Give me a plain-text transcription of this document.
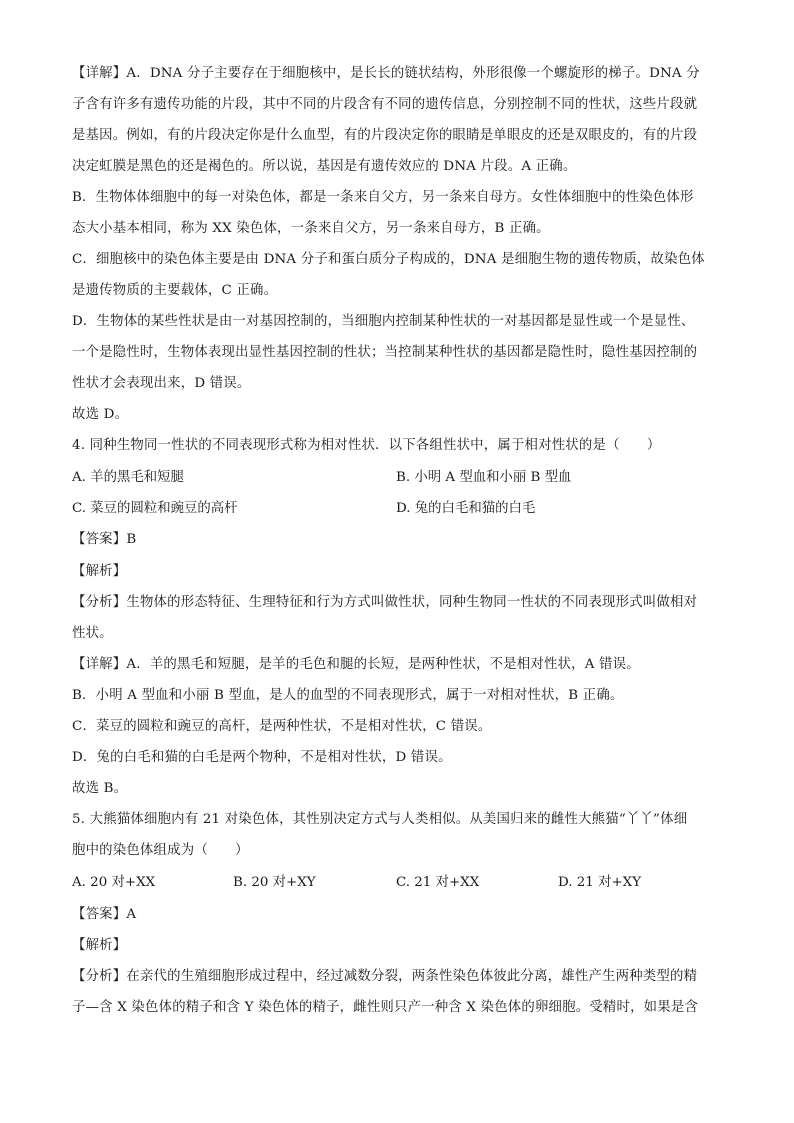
【详解】A．DNA 分子主要存在于细胞核中，是长长的链状结构，外形很像一个螺旋形的梯子。DNA 分
子含有许多有遗传功能的片段，其中不同的片段含有不同的遗传信息，分别控制不同的性状，这些片段就
是基因。例如，有的片段决定你是什么血型，有的片段决定你的眼睛是单眼皮的还是双眼皮的，有的片段
决定虹膜是黑色的还是褐色的。所以说，基因是有遗传效应的 DNA 片段。A 正确。
B．生物体体细胞中的每一对染色体，都是一条来自父方，另一条来自母方。女性体细胞中的性染色体形
态大小基本相同，称为 XX 染色体，一条来自父方，另一条来自母方，B 正确。
C．细胞核中的染色体主要是由 DNA 分子和蛋白质分子构成的，DNA 是细胞生物的遗传物质，故染色体
是遗传物质的主要载体，C 正确。
D．生物体的某些性状是由一对基因控制的，当细胞内控制某种性状的一对基因都是显性或一个是显性、
一个是隐性时，生物体表现出显性基因控制的性状；当控制某种性状的基因都是隐性时，隐性基因控制的
性状才会表现出来，D 错误。
故选 D。
4. 同种生物同一性状的不同表现形式称为相对性状．以下各组性状中，属于相对性状的是（　　）
A. 羊的黑毛和短腿	B. 小明 A 型血和小丽 B 型血
C. 菜豆的圆粒和豌豆的高杆	D. 兔的白毛和猫的白毛
【答案】B
【解析】
【分析】生物体的形态特征、生理特征和行为方式叫做性状，同种生物同一性状的不同表现形式叫做相对
性状。
【详解】A．羊的黑毛和短腿，是羊的毛色和腿的长短，是两种性状，不是相对性状，A 错误。
B．小明 A 型血和小丽 B 型血，是人的血型的不同表现形式，属于一对相对性状，B 正确。
C．菜豆的圆粒和豌豆的高杆，是两种性状，不是相对性状，C 错误。
D．兔的白毛和猫的白毛是两个物种，不是相对性状，D 错误。
故选 B。
5. 大熊猫体细胞内有 21 对染色体，其性别决定方式与人类相似。从美国归来的雌性大熊猫“丫丫”体细
胞中的染色体组成为（　　）
A. 20 对+XX	B. 20 对+XY	C. 21 对+XX	D. 21 对+XY
【答案】A
【解析】
【分析】在亲代的生殖细胞形成过程中，经过减数分裂，两条性染色体彼此分离，雄性产生两种类型的精
子—含 X 染色体的精子和含 Y 染色体的精子，雌性则只产一种含 X 染色体的卵细胞。受精时，如果是含
